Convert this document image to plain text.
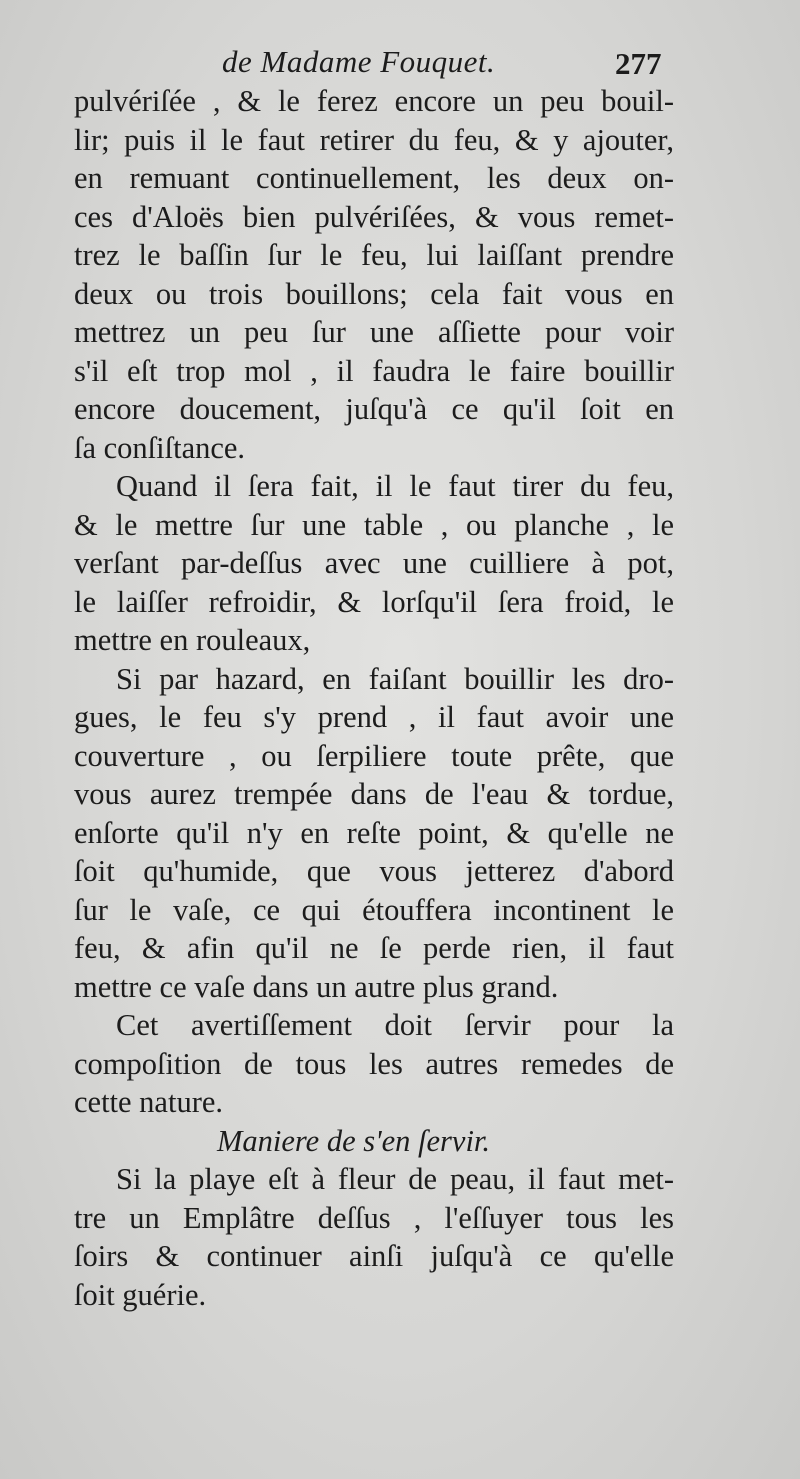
de Madame Fouquet.	277
pulvériſée , & le ferez encore un peu bouil-
lir; puis il le faut retirer du feu, & y ajouter,
en remuant continuellement, les deux on-
ces d'Aloës bien pulvériſées, & vous remet-
trez le baſſin ſur le feu, lui laiſſant prendre
deux ou trois bouillons; cela fait vous en
mettrez un peu ſur une aſſiette pour voir
s'il eſt trop mol , il faudra le faire bouillir
encore doucement, juſqu'à ce qu'il ſoit en
ſa conſiſtance.
Quand il ſera fait, il le faut tirer du feu,
& le mettre ſur une table , ou planche , le
verſant par-deſſus avec une cuilliere à pot,
le laiſſer refroidir, & lorſqu'il ſera froid, le
mettre en rouleaux,
Si par hazard, en faiſant bouillir les dro-
gues, le feu s'y prend , il faut avoir une
couverture , ou ſerpiliere toute prête, que
vous aurez trempée dans de l'eau & tordue,
enſorte qu'il n'y en reſte point, & qu'elle ne
ſoit qu'humide, que vous jetterez d'abord
ſur le vaſe, ce qui étouffera incontinent le
feu, & afin qu'il ne ſe perde rien, il faut
mettre ce vaſe dans un autre plus grand.
Cet avertiſſement doit ſervir pour la
compoſition de tous les autres remedes de
cette nature.
Maniere de s'en ſervir.
Si la playe eſt à fleur de peau, il faut met-
tre un Emplâtre deſſus , l'eſſuyer tous les
ſoirs & continuer ainſi juſqu'à ce qu'elle
ſoit guérie.
